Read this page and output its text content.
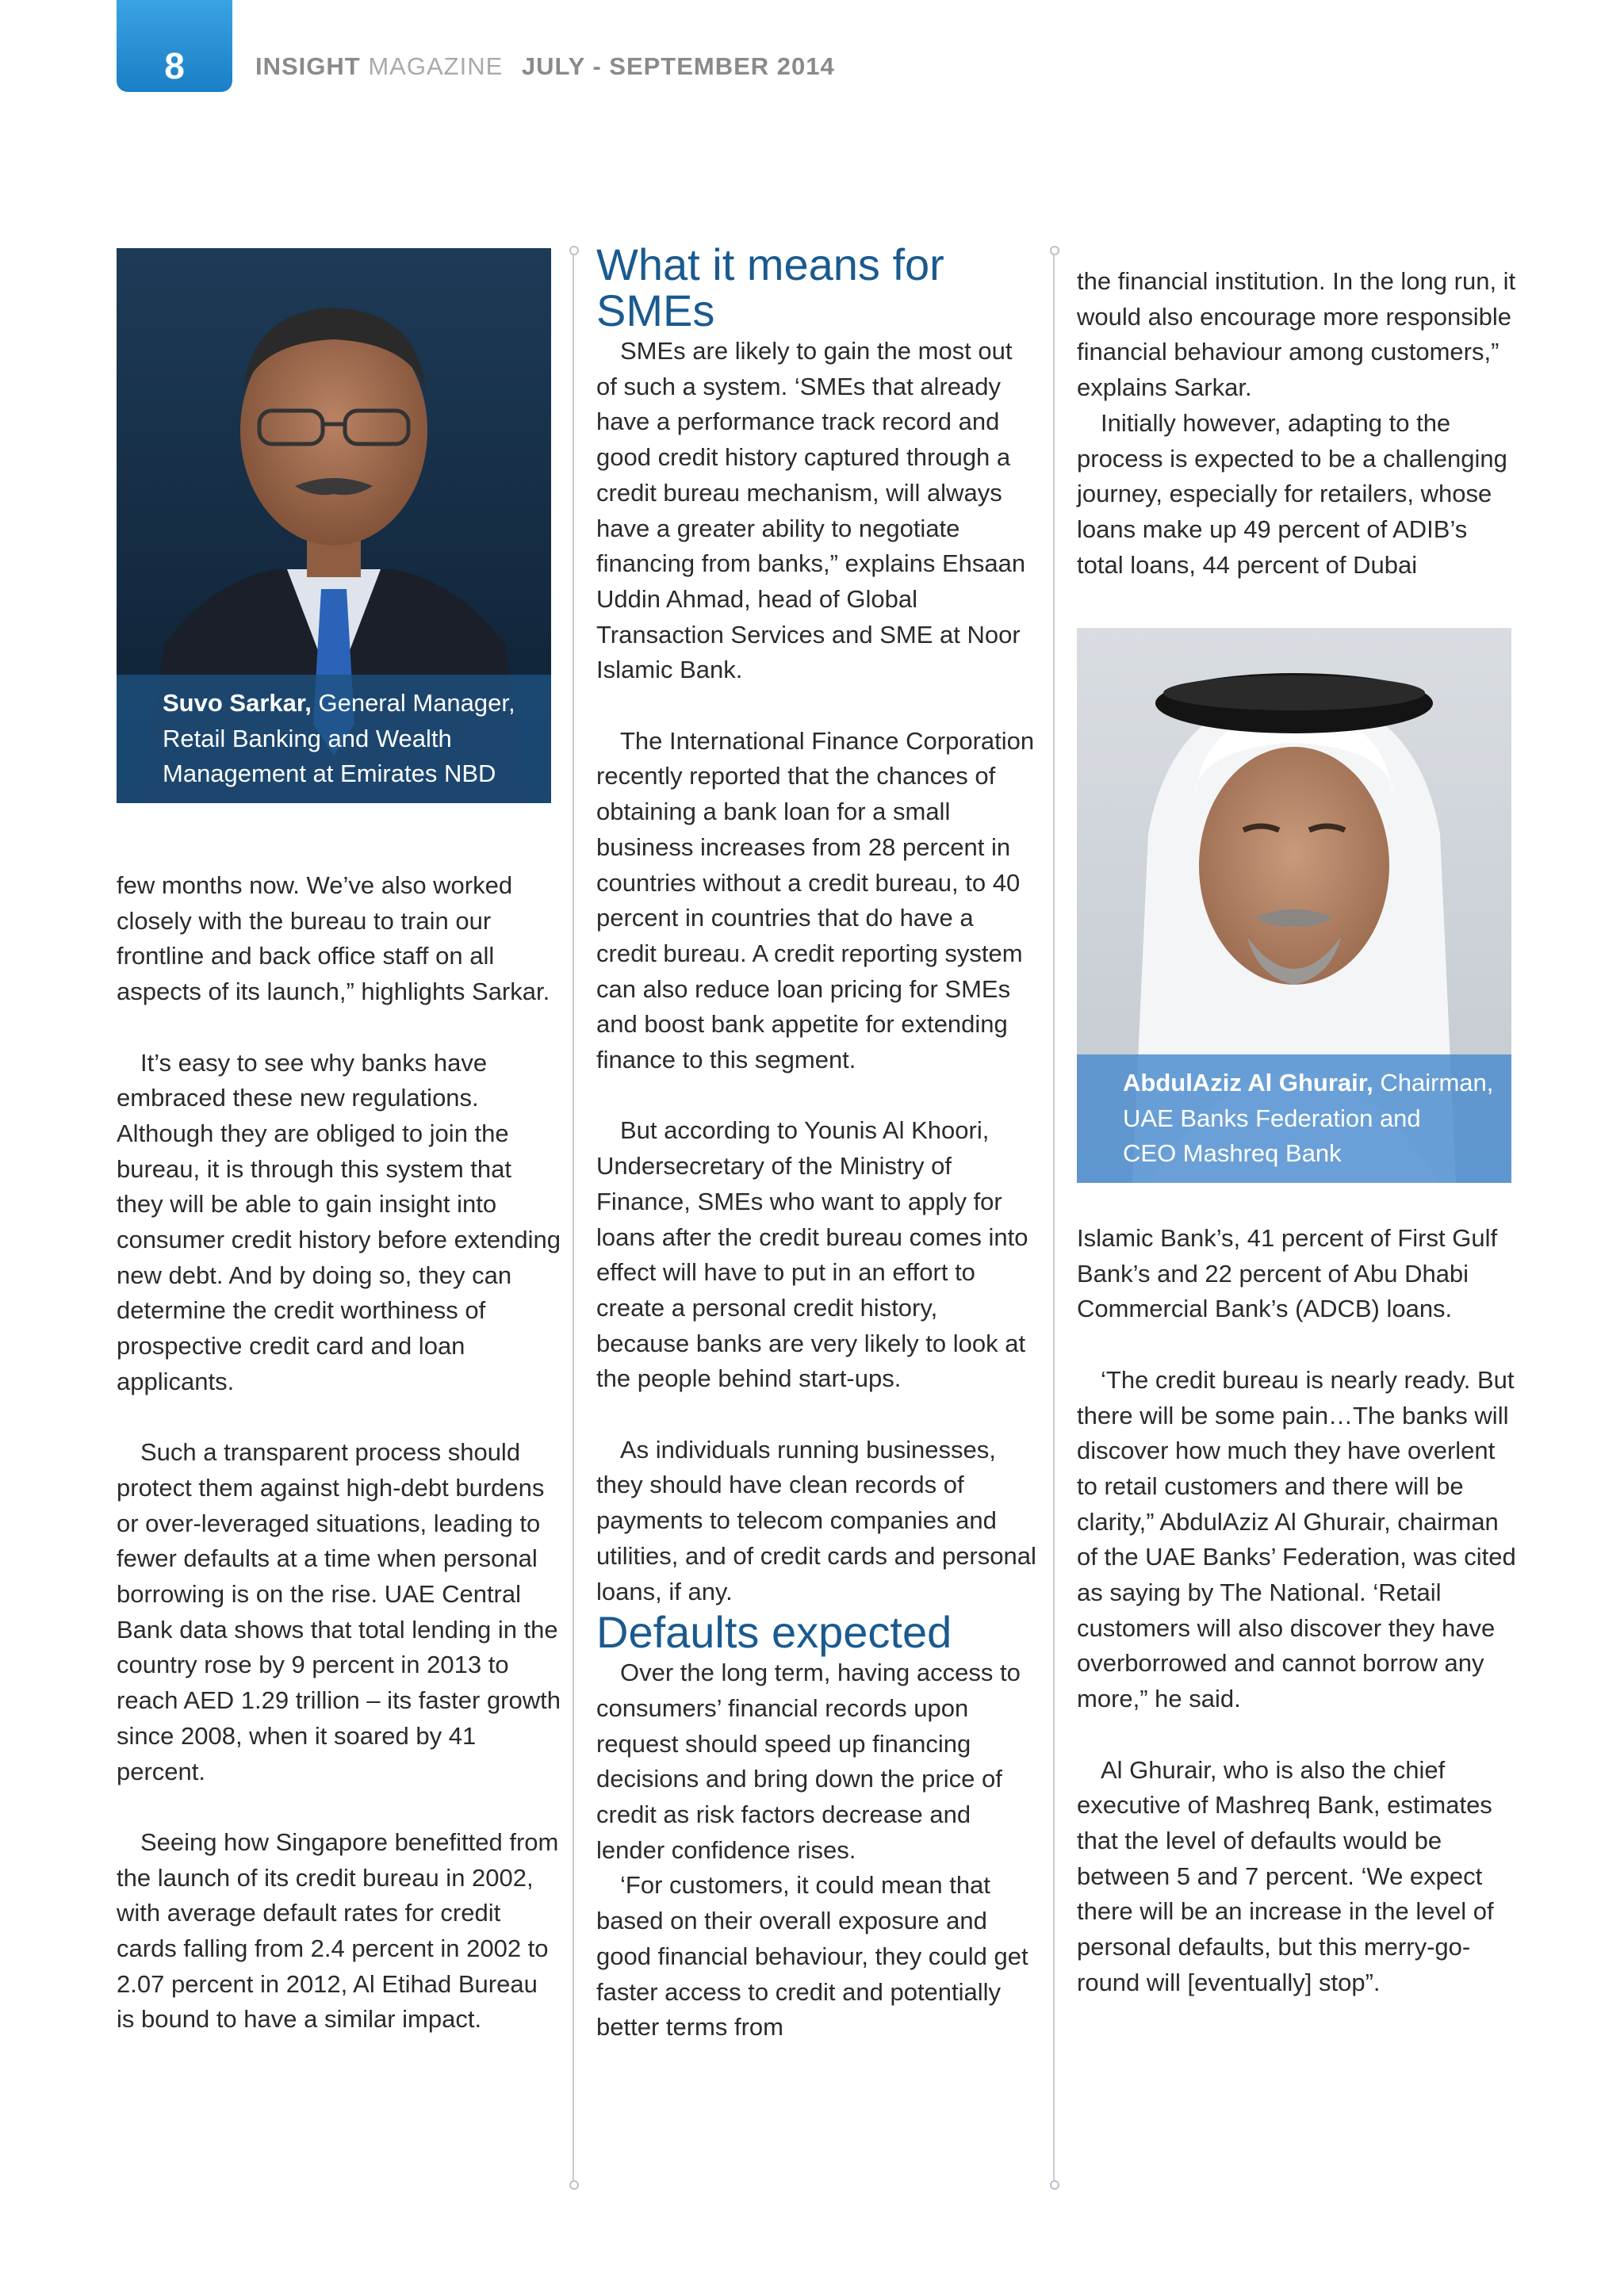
8	INSIGHT MAGAZINE JULY - SEPTEMBER 2014
Suvo Sarkar, General Manager,
Retail Banking and Wealth
Management at Emirates NBD

few months now. We’ve also worked closely with the bureau to train our frontline and back office staff on all aspects of its launch,” highlights Sarkar.

It’s easy to see why banks have embraced these new regulations. Although they are obliged to join the bureau, it is through this system that they will be able to gain insight into consumer credit history before extending new debt. And by doing so, they can determine the credit worthiness of prospective credit card and loan applicants.

Such a transparent process should protect them against high-debt burdens or over-leveraged situations, leading to fewer defaults at a time when personal borrowing is on the rise. UAE Central Bank data shows that total lending in the country rose by 9 percent in 2013 to reach AED 1.29 trillion – its faster growth since 2008, when it soared by 41 percent.

Seeing how Singapore benefitted from the launch of its credit bureau in 2002, with average default rates for credit cards falling from 2.4 percent in 2002 to 2.07 percent in 2012, Al Etihad Bureau is bound to have a similar impact.

What it means for SMEs

SMEs are likely to gain the most out of such a system. ‘SMEs that already have a performance track record and good credit history captured through a credit bureau mechanism, will always have a greater ability to negotiate financing from banks,” explains Ehsaan Uddin Ahmad, head of Global Transaction Services and SME at Noor Islamic Bank.

The International Finance Corporation recently reported that the chances of obtaining a bank loan for a small business increases from 28 percent in countries without a credit bureau, to 40 percent in countries that do have a credit bureau. A credit reporting system can also reduce loan pricing for SMEs and boost bank appetite for extending finance to this segment.

But according to Younis Al Khoori, Undersecretary of the Ministry of Finance, SMEs who want to apply for loans after the credit bureau comes into effect will have to put in an effort to create a personal credit history, because banks are very likely to look at the people behind start-ups.

As individuals running businesses, they should have clean records of payments to telecom companies and utilities, and of credit cards and personal loans, if any.

Defaults expected

Over the long term, having access to consumers’ financial records upon request should speed up financing decisions and bring down the price of credit as risk factors decrease and lender confidence rises.

‘For customers, it could mean that based on their overall exposure and good financial behaviour, they could get faster access to credit and potentially better terms from

the financial institution. In the long run, it would also encourage more responsible financial behaviour among customers,” explains Sarkar.

Initially however, adapting to the process is expected to be a challenging journey, especially for retailers, whose loans make up 49 percent of ADIB’s total loans, 44 percent of Dubai

AbdulAziz Al Ghurair, Chairman,
UAE Banks Federation and
CEO Mashreq Bank

Islamic Bank’s, 41 percent of First Gulf Bank’s and 22 percent of Abu Dhabi Commercial Bank’s (ADCB) loans.

‘The credit bureau is nearly ready. But there will be some pain…The banks will discover how much they have overlent to retail customers and there will be clarity,” AbdulAziz Al Ghurair, chairman of the UAE Banks’ Federation, was cited as saying by The National. ‘Retail customers will also discover they have overborrowed and cannot borrow any more,” he said.

Al Ghurair, who is also the chief executive of Mashreq Bank, estimates that the level of defaults would be between 5 and 7 percent. ‘We expect there will be an increase in the level of personal defaults, but this merry-go-round will [eventually] stop”.
